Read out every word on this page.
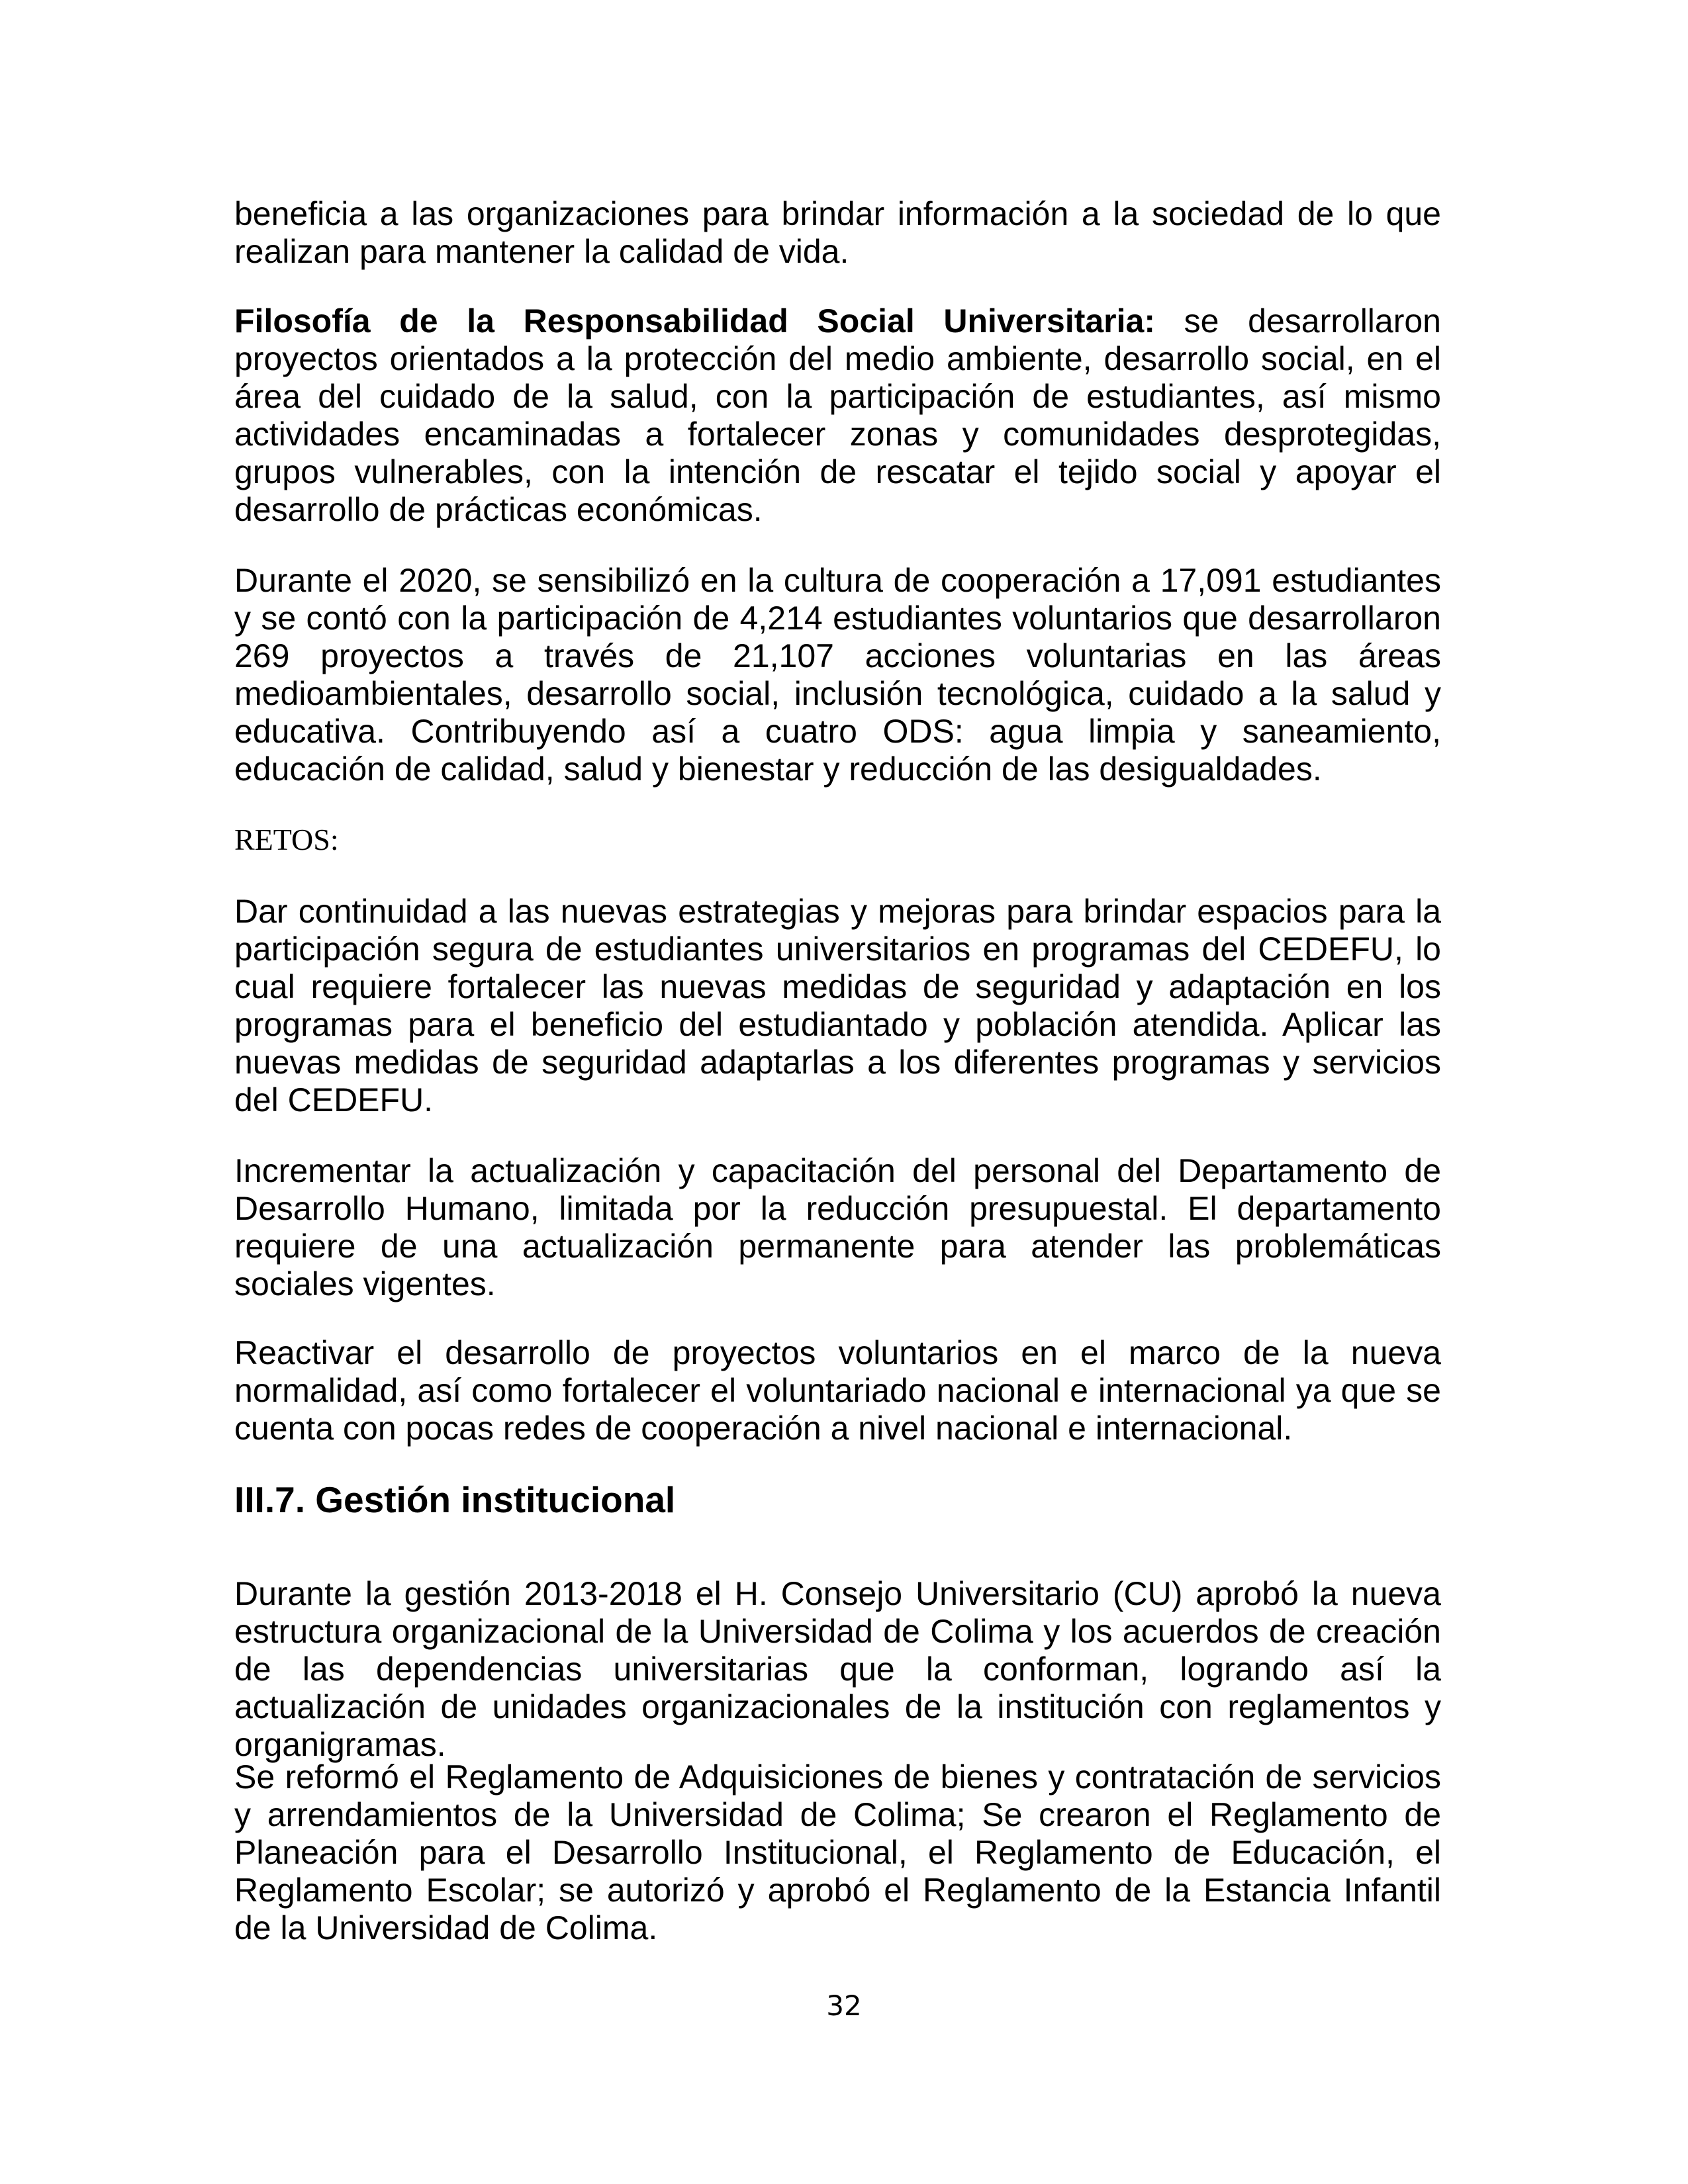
beneficia a las organizaciones para brindar información a la sociedad de lo que realizan para mantener la calidad de vida.

Filosofía de la Responsabilidad Social Universitaria: se desarrollaron proyectos orientados a la protección del medio ambiente, desarrollo social, en el área del cuidado de la salud, con la participación de estudiantes, así mismo actividades encaminadas a fortalecer zonas y comunidades desprotegidas, grupos vulnerables, con la intención de rescatar el tejido social y apoyar el desarrollo de prácticas económicas.

Durante el 2020, se sensibilizó en la cultura de cooperación a 17,091 estudiantes y se contó con la participación de 4,214 estudiantes voluntarios que desarrollaron 269 proyectos a través de 21,107 acciones voluntarias en las áreas medioambientales, desarrollo social, inclusión tecnológica, cuidado a la salud y educativa. Contribuyendo así a cuatro ODS: agua limpia y saneamiento, educación de calidad, salud y bienestar y reducción de las desigualdades.

RETOS:

Dar continuidad a las nuevas estrategias y mejoras para brindar espacios para la participación segura de estudiantes universitarios en programas del CEDEFU, lo cual requiere fortalecer las nuevas medidas de seguridad y adaptación en los programas para el beneficio del estudiantado y población atendida. Aplicar las nuevas medidas de seguridad adaptarlas a los diferentes programas y servicios del CEDEFU.

Incrementar la actualización y capacitación del personal del Departamento de Desarrollo Humano, limitada por la reducción presupuestal. El departamento requiere de una actualización permanente para atender las problemáticas sociales vigentes.

Reactivar el desarrollo de proyectos voluntarios en el marco de la nueva normalidad, así como fortalecer el voluntariado nacional e internacional ya que se cuenta con pocas redes de cooperación a nivel nacional e internacional.

III.7. Gestión institucional

Durante la gestión 2013-2018 el H. Consejo Universitario (CU) aprobó la nueva estructura organizacional de la Universidad de Colima y los acuerdos de creación de las dependencias universitarias que la conforman, logrando así la actualización de unidades organizacionales de la institución con reglamentos y organigramas.

Se reformó el Reglamento de Adquisiciones de bienes y contratación de servicios y arrendamientos de la Universidad de Colima; Se crearon el Reglamento de Planeación para el Desarrollo Institucional, el Reglamento de Educación, el Reglamento Escolar; se autorizó y aprobó el Reglamento de la Estancia Infantil de la Universidad de Colima.

32
